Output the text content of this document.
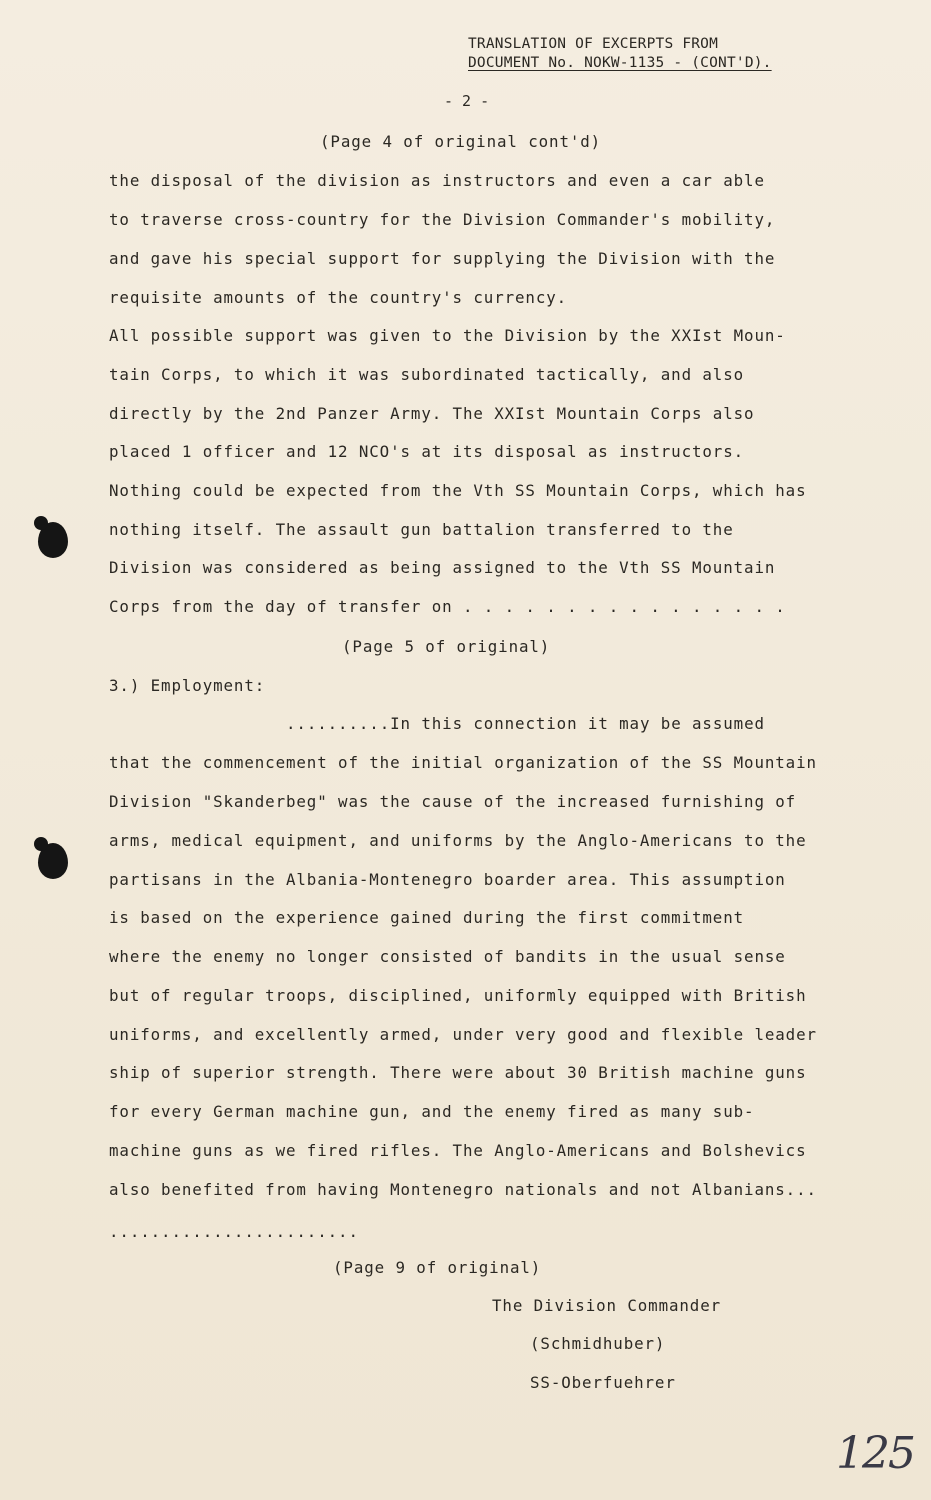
TRANSLATION OF EXCERPTS FROM
DOCUMENT No. NOKW-1135 - (CONT'D).
- 2 -
(Page 4 of original cont'd)
the disposal of the division as instructors and even a car able
to traverse cross-country for the Division Commander's mobility,
and gave his special support for supplying the Division with the
requisite amounts of the country's currency.
All possible support was given to the Division by the XXIst Moun-
tain Corps, to which it was subordinated tactically, and also
directly by the 2nd Panzer Army. The XXIst Mountain Corps also
placed 1 officer and 12 NCO's at its disposal as instructors.
Nothing could be expected from the Vth SS Mountain Corps, which has
nothing itself. The assault gun battalion transferred to the
Division was considered as being assigned to the Vth SS Mountain
Corps from the day of transfer on . . . . . . . . . . . . . . . .
(Page 5 of original)
3.) Employment:
..........In this connection it may be assumed
that the commencement of the initial organization of the SS Mountain
Division "Skanderbeg" was the cause of the increased furnishing of
arms, medical equipment, and uniforms by the Anglo-Americans to the
partisans in the Albania-Montenegro boarder area. This assumption
is based on the experience gained during the first commitment
where the enemy no longer consisted of bandits in the usual sense
but of regular troops, disciplined, uniformly equipped with British
uniforms, and excellently armed, under very good and flexible leader
ship of superior strength. There were about 30 British machine guns
for every German machine gun, and the enemy fired as many sub-
machine guns as we fired rifles. The Anglo-Americans and Bolshevics
also benefited from having Montenegro nationals and not Albanians...
........................
(Page 9 of original)
The Division Commander
(Schmidhuber)
SS-Oberfuehrer
125
